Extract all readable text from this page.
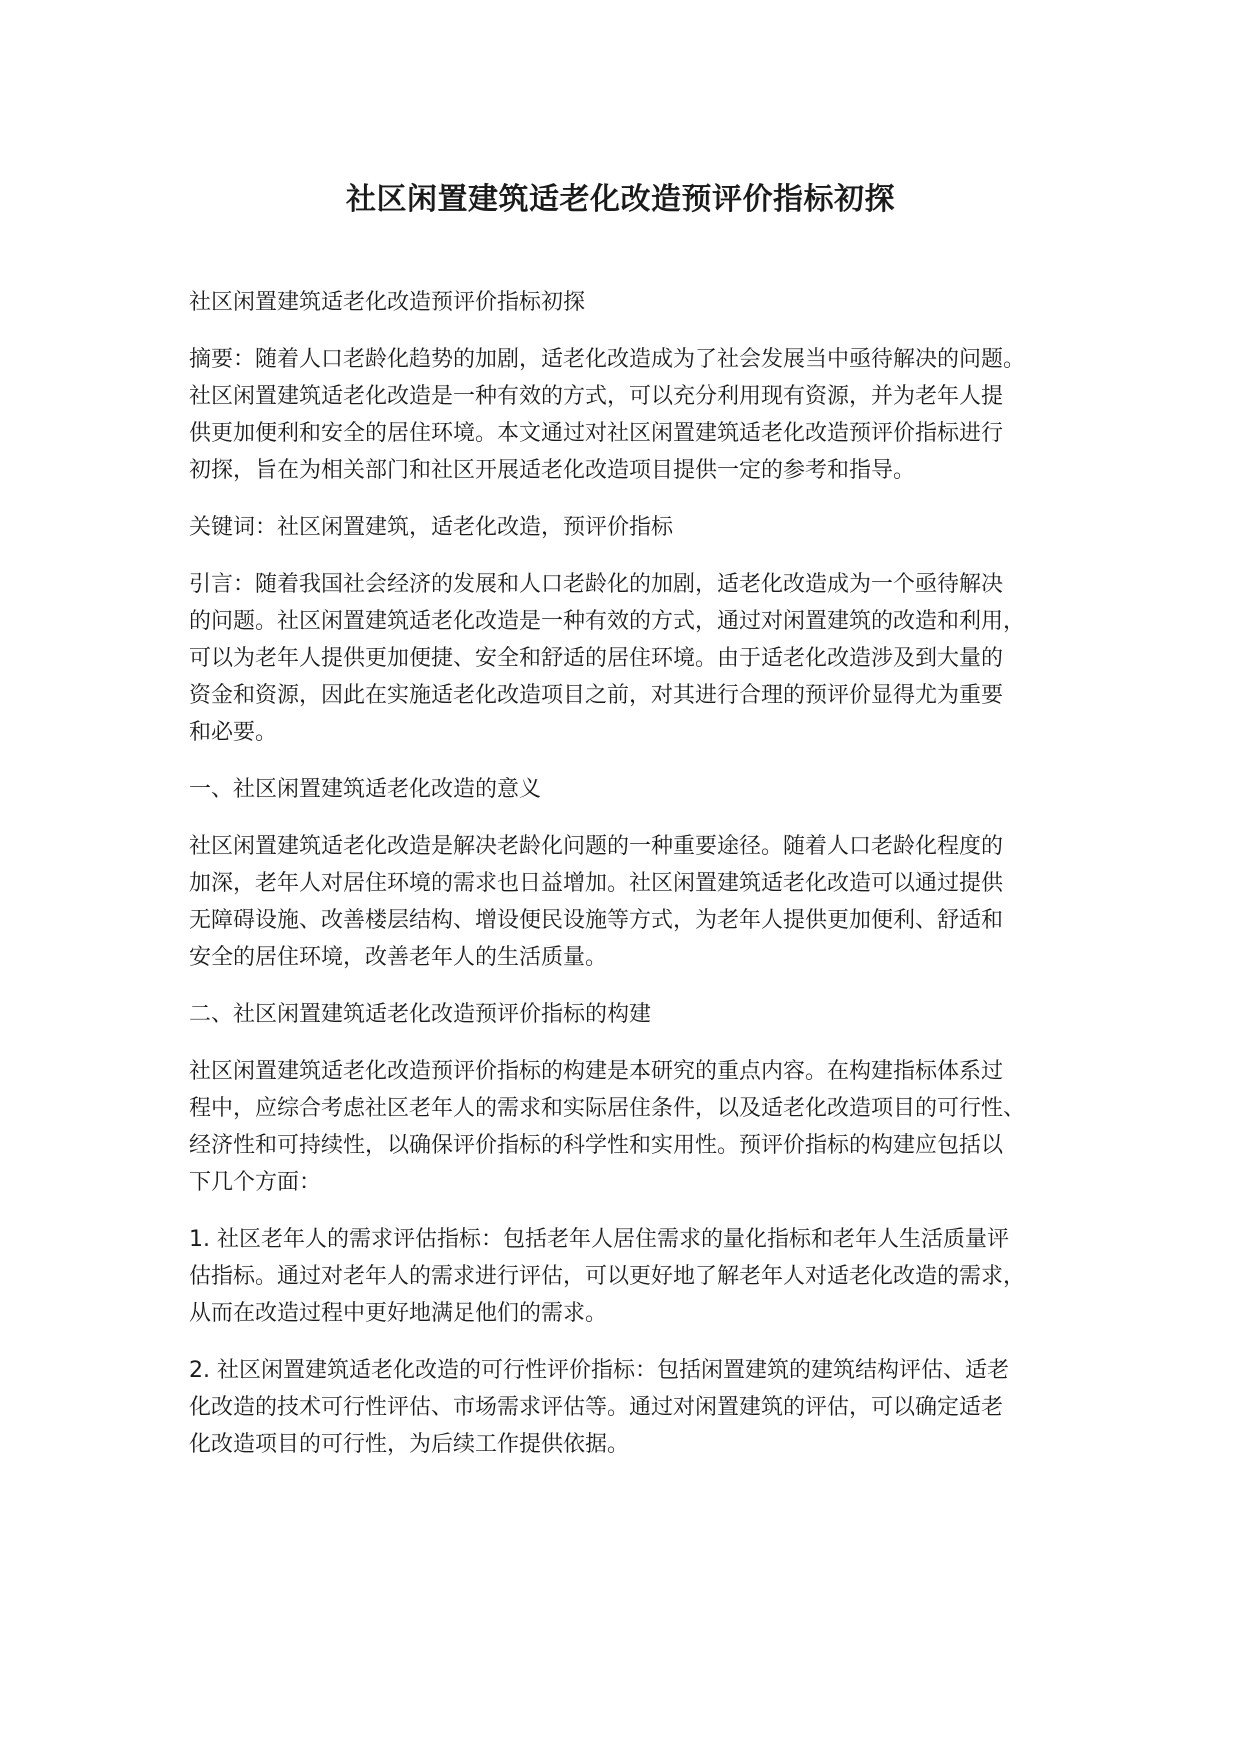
社区闲置建筑适老化改造预评价指标初探

社区闲置建筑适老化改造预评价指标初探

摘要：随着人口老龄化趋势的加剧，适老化改造成为了社会发展当中亟待解决的问题。
社区闲置建筑适老化改造是一种有效的方式，可以充分利用现有资源，并为老年人提
供更加便利和安全的居住环境。本文通过对社区闲置建筑适老化改造预评价指标进行
初探，旨在为相关部门和社区开展适老化改造项目提供一定的参考和指导。

关键词：社区闲置建筑，适老化改造，预评价指标

引言：随着我国社会经济的发展和人口老龄化的加剧，适老化改造成为一个亟待解决
的问题。社区闲置建筑适老化改造是一种有效的方式，通过对闲置建筑的改造和利用，
可以为老年人提供更加便捷、安全和舒适的居住环境。由于适老化改造涉及到大量的
资金和资源，因此在实施适老化改造项目之前，对其进行合理的预评价显得尤为重要
和必要。

一、社区闲置建筑适老化改造的意义

社区闲置建筑适老化改造是解决老龄化问题的一种重要途径。随着人口老龄化程度的
加深，老年人对居住环境的需求也日益增加。社区闲置建筑适老化改造可以通过提供
无障碍设施、改善楼层结构、增设便民设施等方式，为老年人提供更加便利、舒适和
安全的居住环境，改善老年人的生活质量。

二、社区闲置建筑适老化改造预评价指标的构建

社区闲置建筑适老化改造预评价指标的构建是本研究的重点内容。在构建指标体系过
程中，应综合考虑社区老年人的需求和实际居住条件，以及适老化改造项目的可行性、
经济性和可持续性，以确保评价指标的科学性和实用性。预评价指标的构建应包括以
下几个方面：

1. 社区老年人的需求评估指标：包括老年人居住需求的量化指标和老年人生活质量评
估指标。通过对老年人的需求进行评估，可以更好地了解老年人对适老化改造的需求，
从而在改造过程中更好地满足他们的需求。

2. 社区闲置建筑适老化改造的可行性评价指标：包括闲置建筑的建筑结构评估、适老
化改造的技术可行性评估、市场需求评估等。通过对闲置建筑的评估，可以确定适老
化改造项目的可行性，为后续工作提供依据。
